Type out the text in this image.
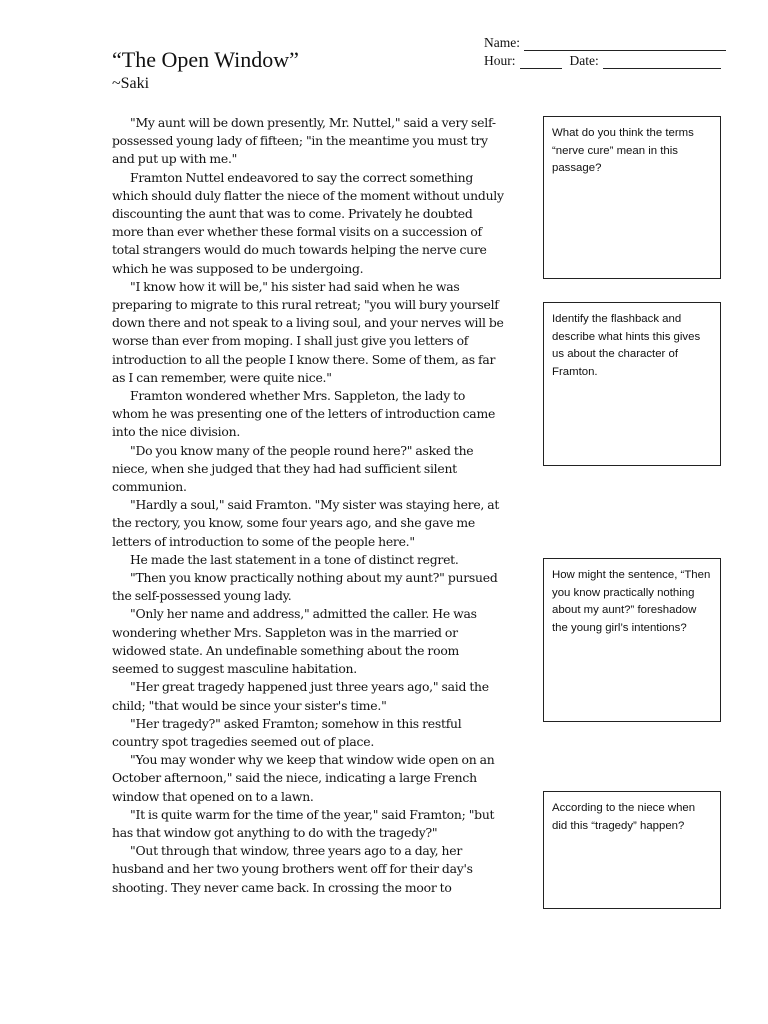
Name:
Hour:	Date:
“The Open Window”
~Saki

"My aunt will be down presently, Mr. Nuttel," said a very self-possessed young lady of fifteen; "in the meantime you must try and put up with me."

Framton Nuttel endeavored to say the correct something which should duly flatter the niece of the moment without unduly discounting the aunt that was to come. Privately he doubted more than ever whether these formal visits on a succession of total strangers would do much towards helping the nerve cure which he was supposed to be undergoing.

"I know how it will be," his sister had said when he was preparing to migrate to this rural retreat; "you will bury yourself down there and not speak to a living soul, and your nerves will be worse than ever from moping. I shall just give you letters of introduction to all the people I know there. Some of them, as far as I can remember, were quite nice."

Framton wondered whether Mrs. Sappleton, the lady to whom he was presenting one of the letters of introduction came into the nice division.

"Do you know many of the people round here?" asked the niece, when she judged that they had had sufficient silent communion.

"Hardly a soul," said Framton. "My sister was staying here, at the rectory, you know, some four years ago, and she gave me letters of introduction to some of the people here."

He made the last statement in a tone of distinct regret.

"Then you know practically nothing about my aunt?" pursued the self-possessed young lady.

"Only her name and address," admitted the caller. He was wondering whether Mrs. Sappleton was in the married or widowed state. An undefinable something about the room seemed to suggest masculine habitation.

"Her great tragedy happened just three years ago," said the child; "that would be since your sister's time."

"Her tragedy?" asked Framton; somehow in this restful country spot tragedies seemed out of place.

"You may wonder why we keep that window wide open on an October afternoon," said the niece, indicating a large French window that opened on to a lawn.

"It is quite warm for the time of the year," said Framton; "but has that window got anything to do with the tragedy?"

"Out through that window, three years ago to a day, her husband and her two young brothers went off for their day's shooting. They never came back. In crossing the moor to

What do you think the terms “nerve cure” mean in this passage?

Identify the flashback and describe what hints this gives us about the character of Framton.

How might the sentence, “Then you know practically nothing about my aunt?” foreshadow the young girl’s intentions?

According to the niece when did this “tragedy” happen?
